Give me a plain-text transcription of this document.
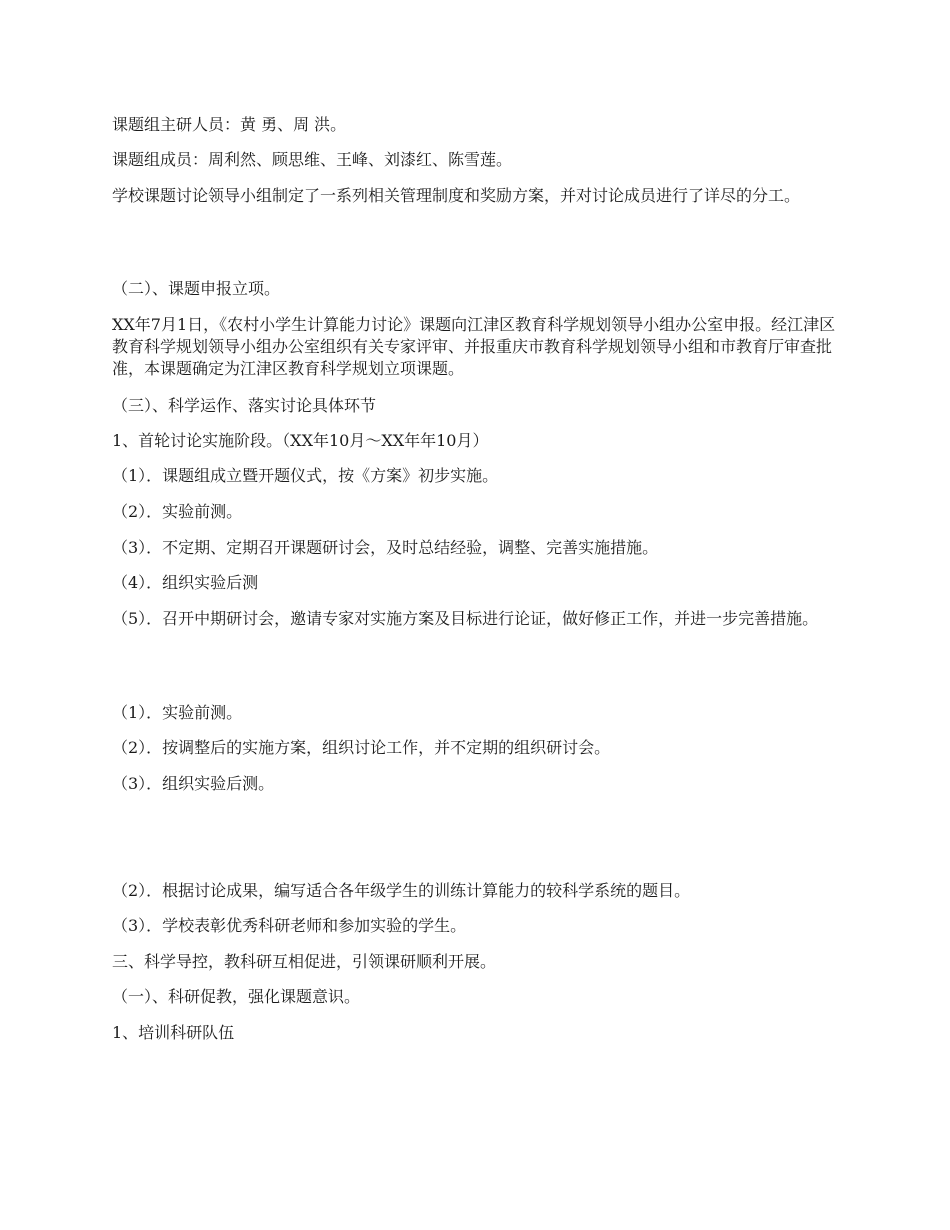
课题组主研人员：黄 勇、周 洪。
课题组成员：周利然、顾思维、王峰、刘漆红、陈雪莲。
学校课题讨论领导小组制定了一系列相关管理制度和奖励方案，并对讨论成员进行了详尽的分工。
（二）、课题申报立项。
XX年7月1日，《农村小学生计算能力讨论》课题向江津区教育科学规划领导小组办公室申报。经江津区教育科学规划领导小组办公室组织有关专家评审、并报重庆市教育科学规划领导小组和市教育厅审查批准，本课题确定为江津区教育科学规划立项课题。
（三）、科学运作、落实讨论具体环节
1、首轮讨论实施阶段。（XX年10月～XX年年10月）
（1）．课题组成立暨开题仪式，按《方案》初步实施。
（2）．实验前测。
（3）．不定期、定期召开课题研讨会，及时总结经验，调整、完善实施措施。
（4）．组织实验后测
（5）．召开中期研讨会，邀请专家对实施方案及目标进行论证，做好修正工作，并进一步完善措施。
（1）．实验前测。
（2）．按调整后的实施方案，组织讨论工作，并不定期的组织研讨会。
（3）．组织实验后测。
（2）．根据讨论成果，编写适合各年级学生的训练计算能力的较科学系统的题目。
（3）．学校表彰优秀科研老师和参加实验的学生。
三、科学导控，教科研互相促进，引领课研顺利开展。
（一）、科研促教，强化课题意识。
1、培训科研队伍
